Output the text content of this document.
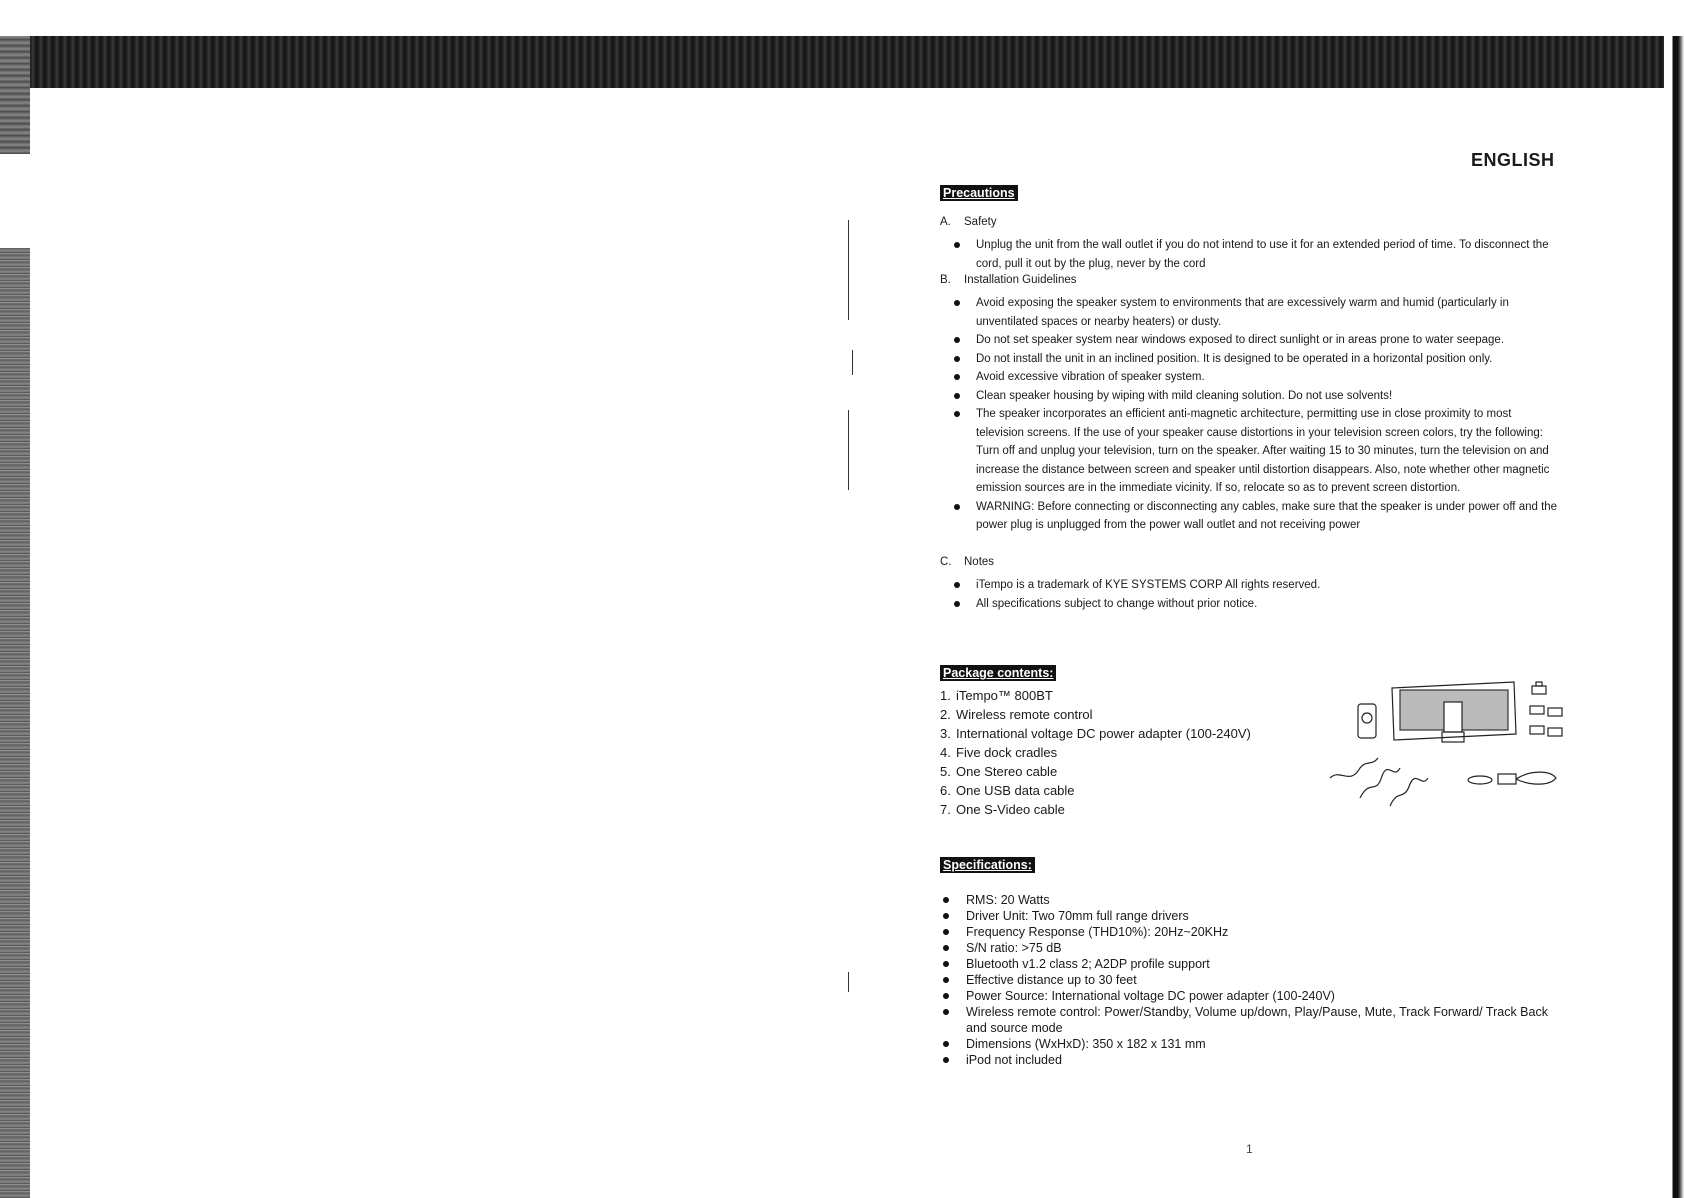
ENGLISH
Precautions
A. Safety
Unplug the unit from the wall outlet if you do not intend to use it for an extended period of time. To disconnect the cord, pull it out by the plug, never by the cord
B. Installation Guidelines
Avoid exposing the speaker system to environments that are excessively warm and humid (particularly in unventilated spaces or nearby heaters) or dusty.
Do not set speaker system near windows exposed to direct sunlight or in areas prone to water seepage.
Do not install the unit in an inclined position. It is designed to be operated in a horizontal position only.
Avoid excessive vibration of speaker system.
Clean speaker housing by wiping with mild cleaning solution. Do not use solvents!
The speaker incorporates an efficient anti-magnetic architecture, permitting use in close proximity to most television screens. If the use of your speaker cause distortions in your television screen colors, try the following:
Turn off and unplug your television, turn on the speaker. After waiting 15 to 30 minutes, turn the television on and increase the distance between screen and speaker until distortion disappears. Also, note whether other magnetic emission sources are in the immediate vicinity. If so, relocate so as to prevent screen distortion.
WARNING: Before connecting or disconnecting any cables, make sure that the speaker is under power off and the power plug is unplugged from the power wall outlet and not receiving power
C. Notes
iTempo is a trademark of KYE SYSTEMS CORP All rights reserved.
All specifications subject to change without prior notice.
Package contents:
1. iTempo™ 800BT
2. Wireless remote control
3. International voltage DC power adapter (100-240V)
4. Five dock cradles
5. One Stereo cable
6. One USB data cable
7. One S-Video cable
Specifications:
RMS: 20 Watts
Driver Unit: Two 70mm full range drivers
Frequency Response (THD10%): 20Hz~20KHz
S/N ratio: >75 dB
Bluetooth v1.2 class 2; A2DP profile support
Effective distance up to 30 feet
Power Source: International voltage DC power adapter (100-240V)
Wireless remote control: Power/Standby, Volume up/down, Play/Pause, Mute, Track Forward/ Track Back and source mode
Dimensions (WxHxD): 350 x 182 x 131 mm
iPod not included
1
